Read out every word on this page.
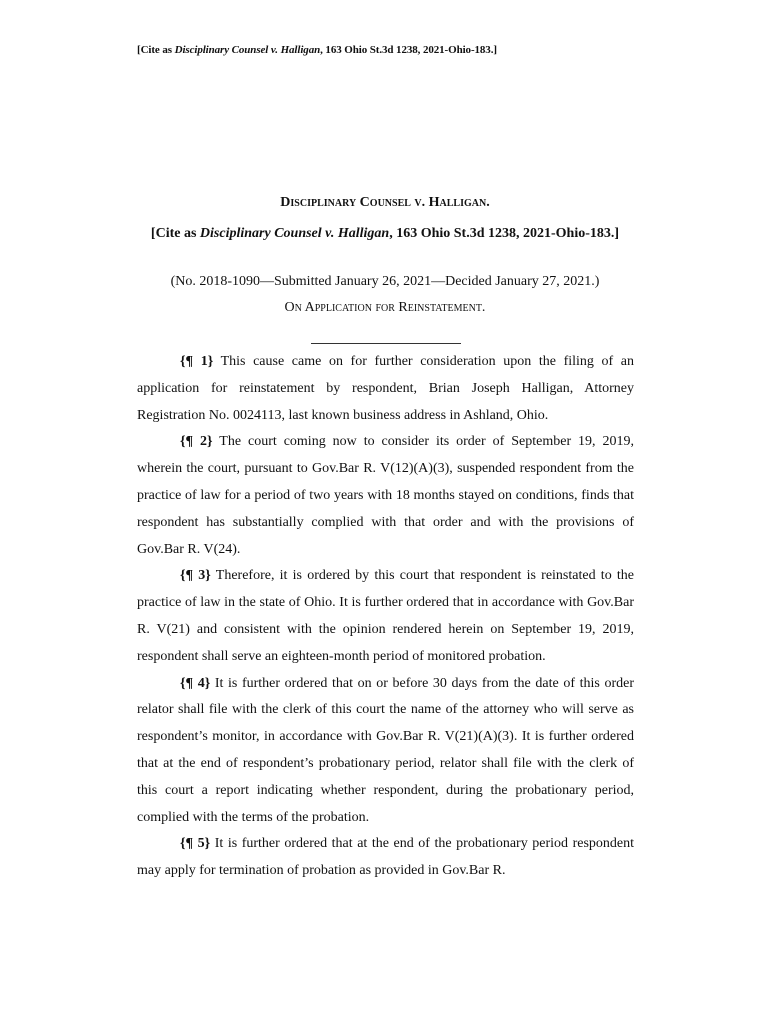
[Cite as Disciplinary Counsel v. Halligan, 163 Ohio St.3d 1238, 2021-Ohio-183.]
Disciplinary Counsel v. Halligan.
[Cite as Disciplinary Counsel v. Halligan, 163 Ohio St.3d 1238, 2021-Ohio-183.]
(No. 2018-1090—Submitted January 26, 2021—Decided January 27, 2021.)
On Application for Reinstatement.

{¶ 1} This cause came on for further consideration upon the filing of an application for reinstatement by respondent, Brian Joseph Halligan, Attorney Registration No. 0024113, last known business address in Ashland, Ohio.

{¶ 2} The court coming now to consider its order of September 19, 2019, wherein the court, pursuant to Gov.Bar R. V(12)(A)(3), suspended respondent from the practice of law for a period of two years with 18 months stayed on conditions, finds that respondent has substantially complied with that order and with the provisions of Gov.Bar R. V(24).

{¶ 3} Therefore, it is ordered by this court that respondent is reinstated to the practice of law in the state of Ohio. It is further ordered that in accordance with Gov.Bar R. V(21) and consistent with the opinion rendered herein on September 19, 2019, respondent shall serve an eighteen-month period of monitored probation.

{¶ 4} It is further ordered that on or before 30 days from the date of this order relator shall file with the clerk of this court the name of the attorney who will serve as respondent’s monitor, in accordance with Gov.Bar R. V(21)(A)(3). It is further ordered that at the end of respondent’s probationary period, relator shall file with the clerk of this court a report indicating whether respondent, during the probationary period, complied with the terms of the probation.

{¶ 5} It is further ordered that at the end of the probationary period respondent may apply for termination of probation as provided in Gov.Bar R.
